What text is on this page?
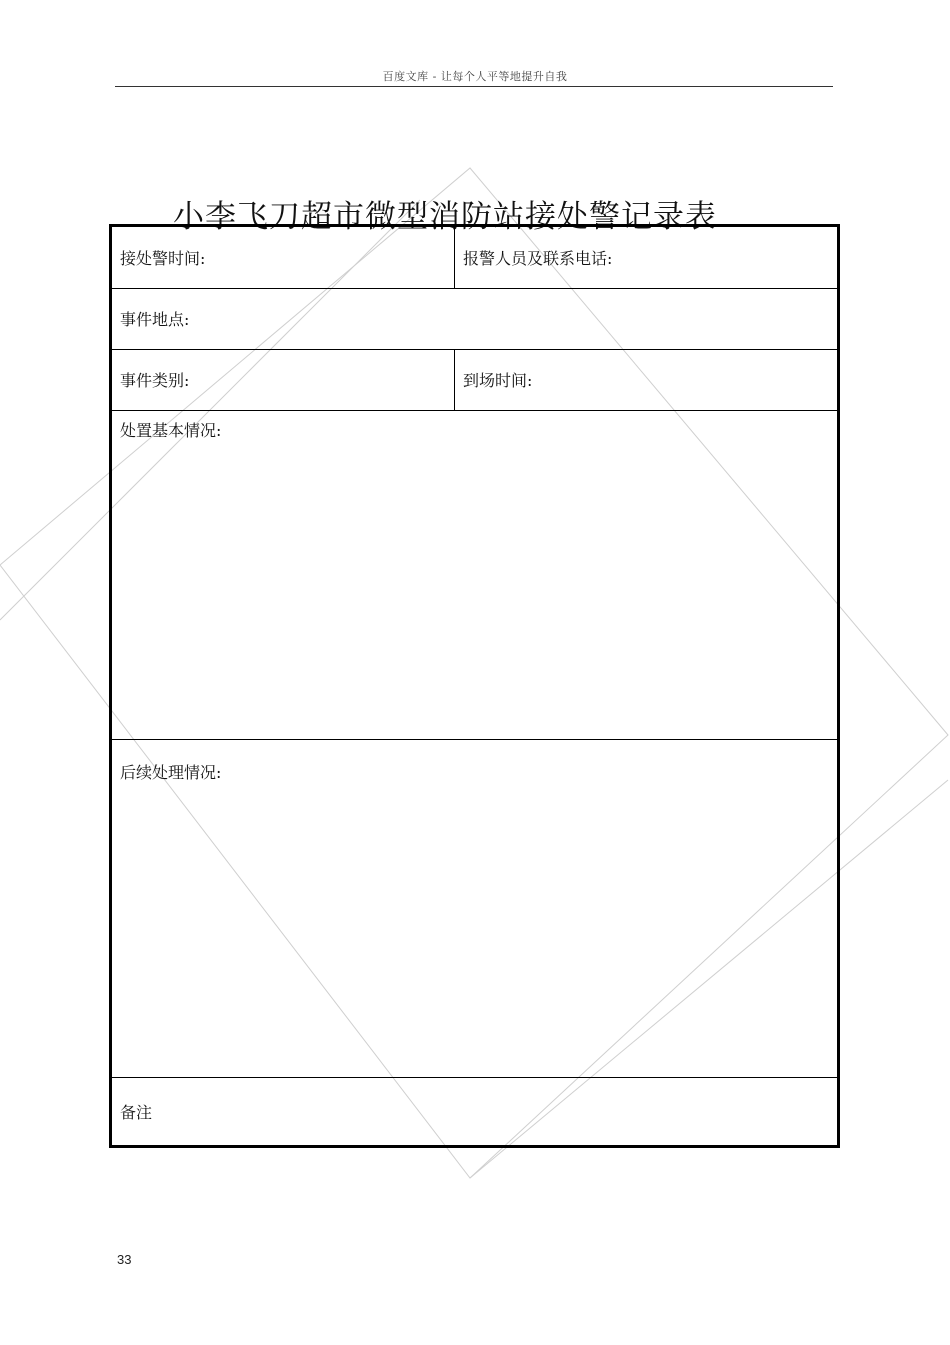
百度文库 - 让每个人平等地提升自我
小李飞刀超市微型消防站接处警记录表
接处警时间:	报警人员及联系电话:
事件地点:
事件类别:	到场时间:
处置基本情况:
后续处理情况:
备注
33
